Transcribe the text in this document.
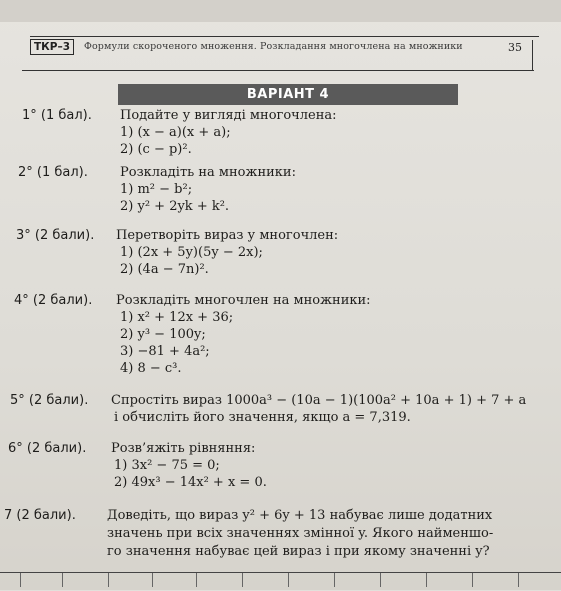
ТКР–3	Формули скороченого множення. Розкладання многочлена на множники	35
ВАРІАНТ 4
1° (1 бал). Подайте у вигляді многочлена:
1) (x − a)(x + a);
2) (c − p)².
2° (1 бал). Розкладіть на множники:
1) m² − b²;
2) y² + 2yk + k².
3° (2 бали). Перетворіть вираз у многочлен:
1) (2x + 5y)(5y − 2x);
2) (4a − 7n)².
4° (2 бали). Розкладіть многочлен на множники:
1) x² + 12x + 36;
2) y³ − 100y;
3) −81 + 4a²;
4) 8 − c³.
5° (2 бали). Спростіть вираз 1000a³ − (10a − 1)(100a² + 10a + 1) + 7 + a
і обчисліть його значення, якщо a = 7,319.
6° (2 бали). Розв’яжіть рівняння:
1) 3x² − 75 = 0;
2) 49x³ − 14x² + x = 0.
7 (2 бали). Доведіть, що вираз y² + 6y + 13 набуває лише додатних
значень при всіх значеннях змінної y. Якого найменшо-
го значення набуває цей вираз і при якому значенні y?
